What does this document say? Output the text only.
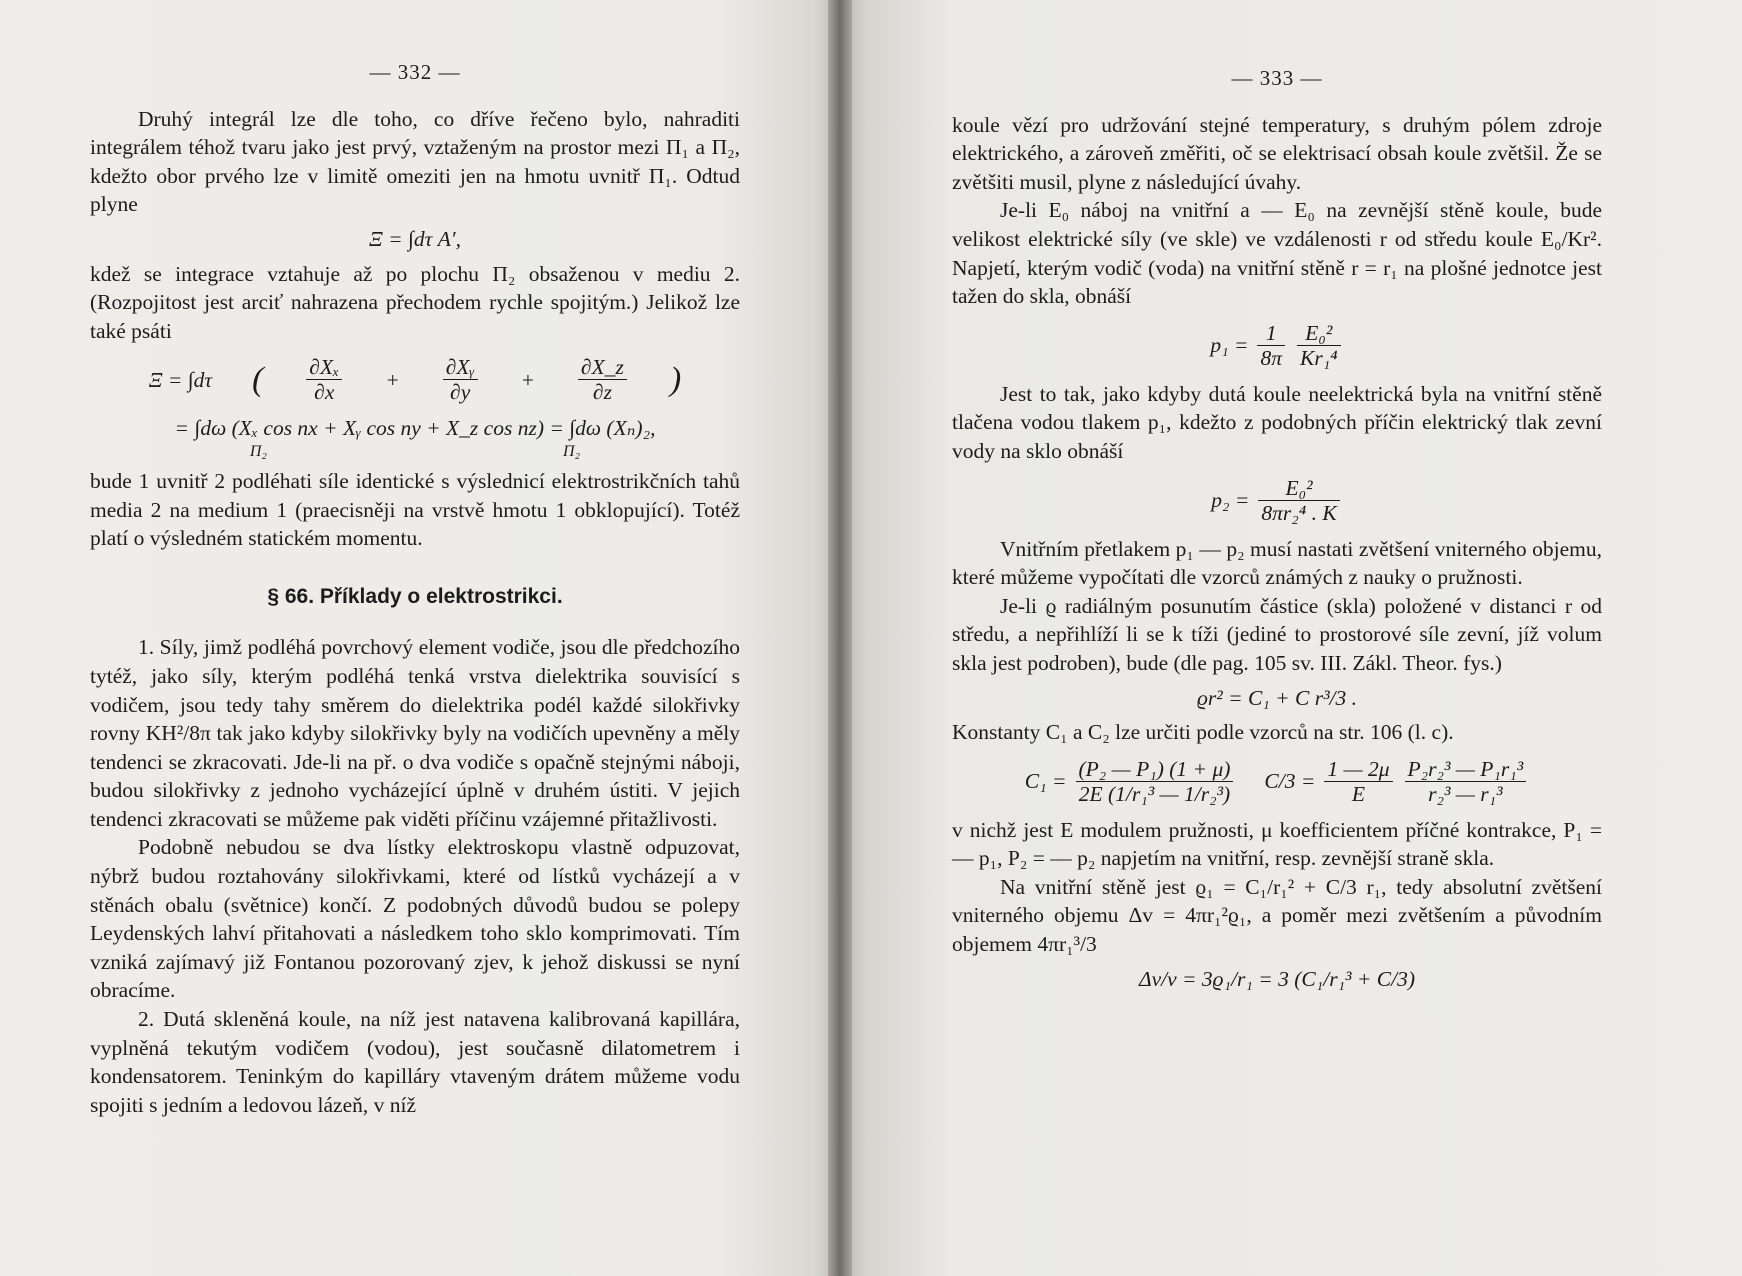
— 332 —

Druhý integrál lze dle toho, co dříve řečeno bylo, nahraditi integrálem téhož tvaru jako jest prvý, vztaženým na prostor mezi Π₁ a Π₂, kdežto obor prvého lze v limitě omeziti jen na hmotu uvnitř Π₁. Odtud plyne

Ξ = ∫dτ A′,

kdež se integrace vztahuje až po plochu Π₂ obsaženou v mediu 2. (Rozpojitost jest arciť nahrazena přechodem rychle spojitým.) Jelikož lze také psáti

Ξ = ∫dτ ( $\frac{\text{∂Xₓ}}{\partial x} + \frac{\text{∂Xᵧ}}{\partial y} + \frac{\partial X\_z}{\partial z}$ )
= ∫dω (Xₓ cos nx + Xᵧ cos ny + X_z cos nz) = ∫dω (Xₙ)₂,
Π₂                                                                          Π₂

bude 1 uvnitř 2 podléhati síle identické s výslednicí elektrostrikčních tahů media 2 na medium 1 (praecisněji na vrstvě hmotu 1 obklopující). Totéž platí o výsledném statickém momentu.

§ 66. Příklady o elektrostrikci.

1. Síly, jimž podléhá povrchový element vodiče, jsou dle předchozího tytéž, jako síly, kterým podléhá tenká vrstva dielektrika souvisící s vodičem, jsou tedy tahy směrem do dielektrika podél každé silokřivky rovny KH²/8π tak jako kdyby silokřivky byly na vodičích upevněny a měly tendenci se zkracovati. Jde-li na př. o dva vodiče s opačně stejnými náboji, budou silokřivky z jednoho vycházející úplně v druhém ústiti. V jejich tendenci zkracovati se můžeme pak viděti příčinu vzájemné přitažlivosti.

Podobně nebudou se dva lístky elektroskopu vlastně odpuzovat, nýbrž budou roztahovány silokřivkami, které od lístků vycházejí a v stěnách obalu (světnice) končí. Z podobných důvodů budou se polepy Leydenských lahví přitahovati a následkem toho sklo komprimovati. Tím vzniká zajímavý již Fontanou pozorovaný zjev, k jehož diskussi se nyní obracíme.

2. Dutá skleněná koule, na níž jest natavena kalibrovaná kapillára, vyplněná tekutým vodičem (vodou), jest současně dilatometrem i kondensatorem. Teninkým do kapilláry vtaveným drátem můžeme vodu spojiti s jedním a ledovou lázeň, v níž

— 333 —

koule vězí pro udržování stejné temperatury, s druhým pólem zdroje elektrického, a zároveň změřiti, oč se elektrisací obsah koule zvětšil. Že se zvětšiti musil, plyne z následující úvahy.

Je-li E₀ náboj na vnitřní a — E₀ na zevnější stěně koule, bude velikost elektrické síly (ve skle) ve vzdálenosti r od středu koule E₀/Kr². Napjetí, kterým vodič (voda) na vnitřní stěně r = r₁ na plošné jednotce jest tažen do skla, obnáší

$p_1 = \frac{1}{8\pi} \frac{\text{E₀²}}{\text{Kr₁⁴}}$

Jest to tak, jako kdyby dutá koule neelektrická byla na vnitřní stěně tlačena vodou tlakem p₁, kdežto z podobných příčin elektrický tlak zevní vody na sklo obnáší

$p_2 = \frac{\text{E₀²}}{\text{8πr₂⁴ . K}}$

Vnitřním přetlakem p₁ — p₂ musí nastati zvětšení vniterného objemu, které můžeme vypočítati dle vzorců známých z nauky o pružnosti.

Je-li ϱ radiálným posunutím částice (skla) položené v distanci r od středu, a nepřihlíží li se k tíži (jediné to prostorové síle zevní, jíž volum skla jest podroben), bude (dle pag. 105 sv. III. Zákl. Theor. fys.)

ϱr² = C₁ + C r³/3 .

Konstanty C₁ a C₂ lze určiti podle vzorců na str. 106 (l. c).

$C_1 = \frac{\text{(P₂ — P₁) (1 + μ)}}{\text{2E (1/r₁³ — 1/r₂³)}} C/3 = \frac{1 — 2\mu}{E} \frac{\text{P₂r₂³ — P₁r₁³}}{\text{r₂³ — r₁³}}$

v nichž jest E modulem pružnosti, μ koefficientem příčné kontrakce, P₁ = — p₁, P₂ = — p₂ napjetím na vnitřní, resp. zevnější straně skla.

Na vnitřní stěně jest ϱ₁ = C₁/r₁² + C/3 r₁, tedy absolutní zvětšení vniterného objemu Δv = 4πr₁²ϱ₁, a poměr mezi zvětšením a původním objemem 4πr₁³/3

Δv/v = 3ϱ₁/r₁ = 3 (C₁/r₁³ + C/3)
